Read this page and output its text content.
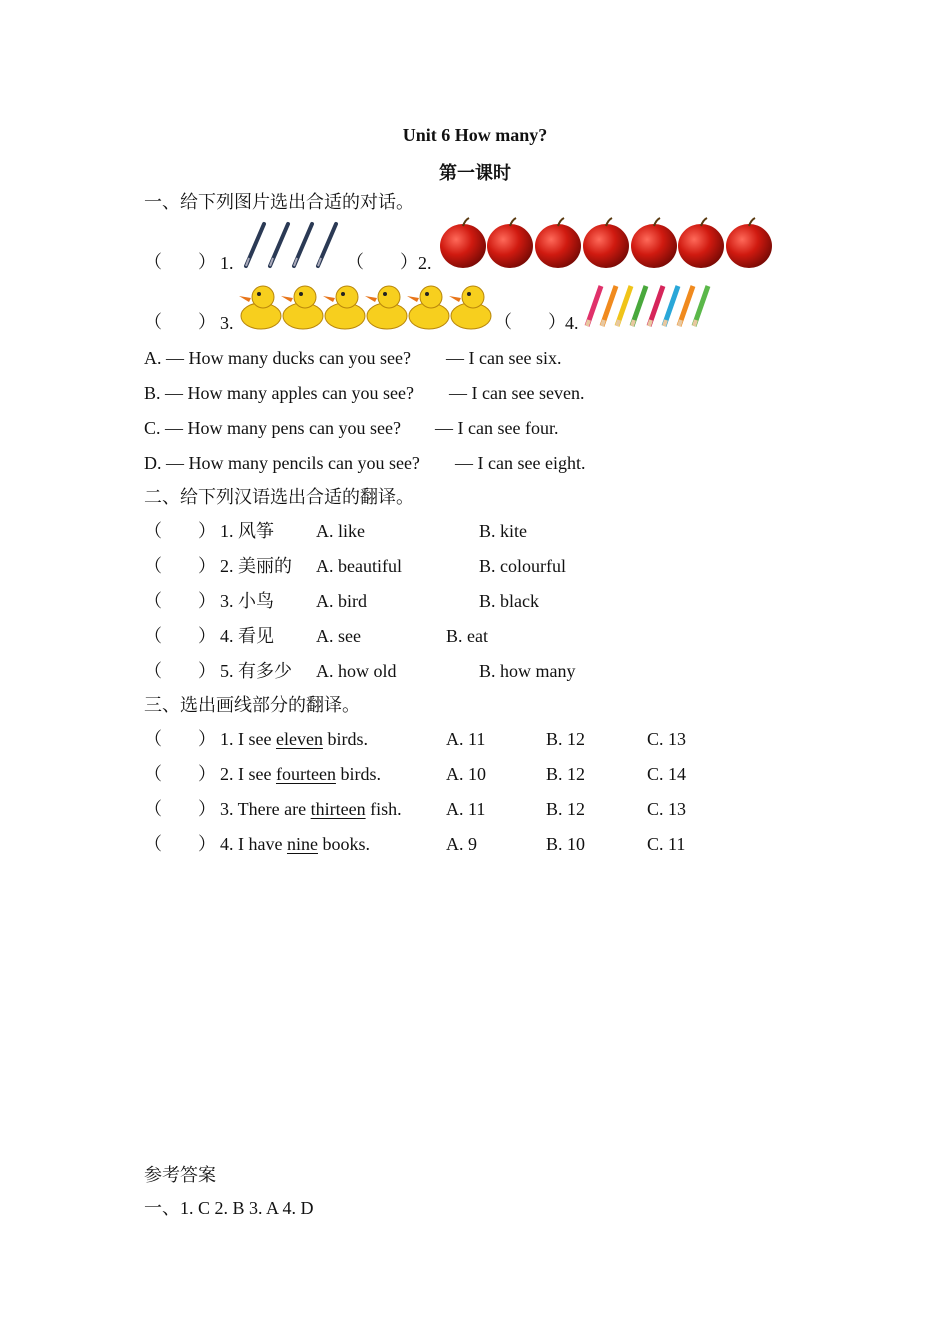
Unit 6 How many?
第一课时
一、给下列图片选出合适的对话。
（　　） 1.	（　　） 2.
（　　） 3.	（　　） 4.
A. — How many ducks can you see? — I can see six.
B. — How many apples can you see? — I can see seven.
C. — How many pens can you see? — I can see four.
D. — How many pencils can you see? — I can see eight.
二、给下列汉语选出合适的翻译。
（　　） 1. 风筝 A. like	B. kite
（　　） 2. 美丽的 A. beautiful	B. colourful
（　　） 3. 小鸟 A. bird	B. black
（　　） 4. 看见 A. see	B. eat
（　　） 5. 有多少 A. how old	B. how many
三、选出画线部分的翻译。
（　　） 1. I see eleven birds.	A. 11	B. 12	C. 13
（　　） 2. I see fourteen birds.	A. 10	B. 12	C. 14
（　　） 3. There are thirteen fish. A. 11	B. 12	C. 13
（　　） 4. I have nine books.	A. 9	B. 10	C. 11
参考答案
一、1. C 2. B 3. A 4. D
